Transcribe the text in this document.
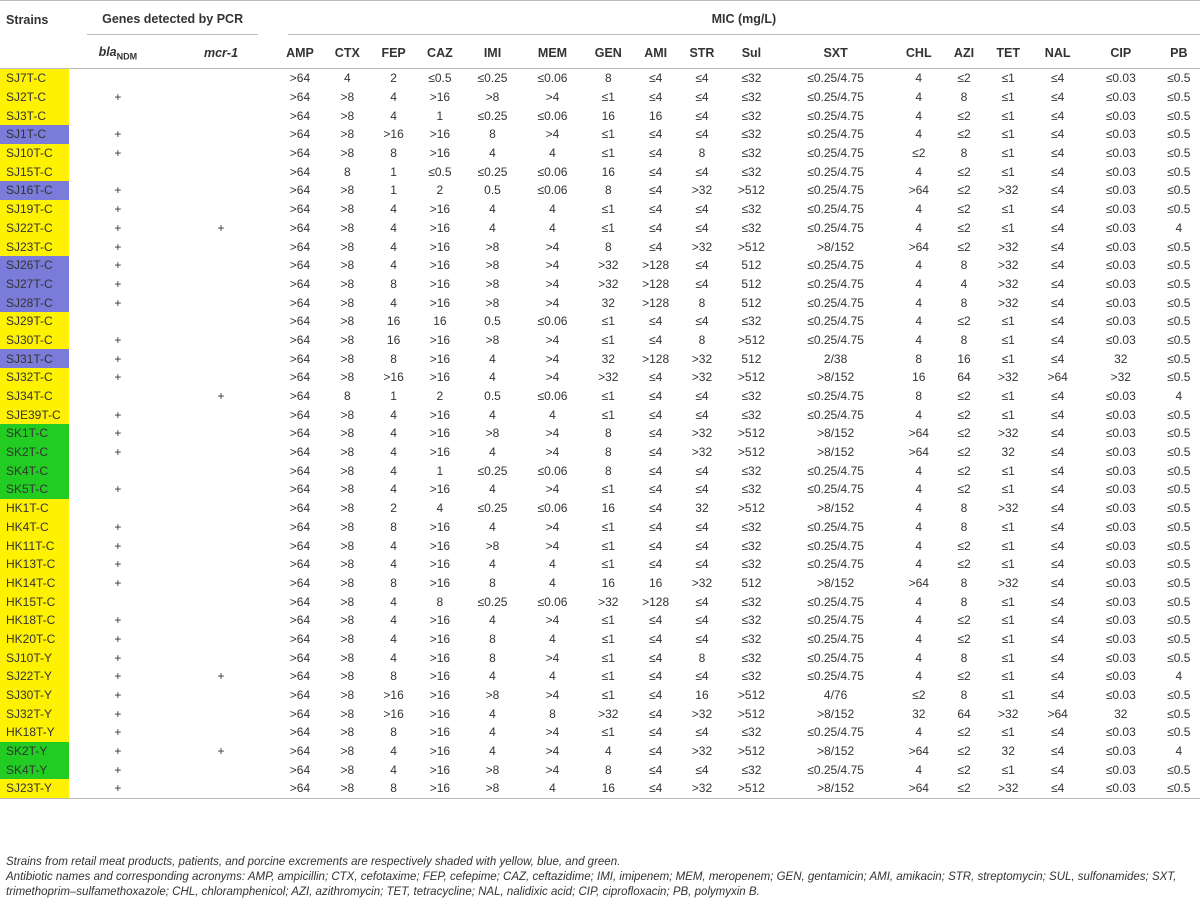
Strains	Genes detected by PCR		MIC (mg/L)																

	bla$_{NDM}$	mcr-1	AMP	CTX	FEP	CAZ	IMI	MEM	GEN	AMI	STR	Sul	SXT	CHL	AZI	TET	NAL	CIP	PB
SJ7T-C			>64	4	2	≤0.5	≤0.25	≤0.06	8	≤4	≤4	≤32	≤0.25/4.75	4	≤2	≤1	≤4	≤0.03	≤0.5
SJ2T-C	+		>64	>8	4	>16	>8	>4	≤1	≤4	≤4	≤32	≤0.25/4.75	4	8	≤1	≤4	≤0.03	≤0.5
SJ3T-C			>64	>8	4	1	≤0.25	≤0.06	16	16	≤4	≤32	≤0.25/4.75	4	≤2	≤1	≤4	≤0.03	≤0.5
SJ1T-C	+		>64	>8	>16	>16	8	>4	≤1	≤4	≤4	≤32	≤0.25/4.75	4	≤2	≤1	≤4	≤0.03	≤0.5
SJ10T-C	+		>64	>8	8	>16	4	4	≤1	≤4	8	≤32	≤0.25/4.75	≤2	8	≤1	≤4	≤0.03	≤0.5
SJ15T-C			>64	8	1	≤0.5	≤0.25	≤0.06	16	≤4	≤4	≤32	≤0.25/4.75	4	≤2	≤1	≤4	≤0.03	≤0.5
SJ16T-C	+		>64	>8	1	2	0.5	≤0.06	8	≤4	>32	>512	≤0.25/4.75	>64	≤2	>32	≤4	≤0.03	≤0.5
SJ19T-C	+		>64	>8	4	>16	4	4	≤1	≤4	≤4	≤32	≤0.25/4.75	4	≤2	≤1	≤4	≤0.03	≤0.5
SJ22T-C	+	+	>64	>8	4	>16	4	4	≤1	≤4	≤4	≤32	≤0.25/4.75	4	≤2	≤1	≤4	≤0.03	4
SJ23T-C	+		>64	>8	4	>16	>8	>4	8	≤4	>32	>512	>8/152	>64	≤2	>32	≤4	≤0.03	≤0.5
SJ26T-C	+		>64	>8	4	>16	>8	>4	>32	>128	≤4	512	≤0.25/4.75	4	8	>32	≤4	≤0.03	≤0.5
SJ27T-C	+		>64	>8	8	>16	>8	>4	>32	>128	≤4	512	≤0.25/4.75	4	4	>32	≤4	≤0.03	≤0.5
SJ28T-C	+		>64	>8	4	>16	>8	>4	32	>128	8	512	≤0.25/4.75	4	8	>32	≤4	≤0.03	≤0.5
SJ29T-C			>64	>8	16	16	0.5	≤0.06	≤1	≤4	≤4	≤32	≤0.25/4.75	4	≤2	≤1	≤4	≤0.03	≤0.5
SJ30T-C	+		>64	>8	16	>16	>8	>4	≤1	≤4	8	>512	≤0.25/4.75	4	8	≤1	≤4	≤0.03	≤0.5
SJ31T-C	+		>64	>8	8	>16	4	>4	32	>128	>32	512	2/38	8	16	≤1	≤4	32	≤0.5
SJ32T-C	+		>64	>8	>16	>16	4	>4	>32	≤4	>32	>512	>8/152	16	64	>32	>64	>32	≤0.5
SJ34T-C		+	>64	8	1	2	0.5	≤0.06	≤1	≤4	≤4	≤32	≤0.25/4.75	8	≤2	≤1	≤4	≤0.03	4
SJE39T-C	+		>64	>8	4	>16	4	4	≤1	≤4	≤4	≤32	≤0.25/4.75	4	≤2	≤1	≤4	≤0.03	≤0.5
SK1T-C	+		>64	>8	4	>16	>8	>4	8	≤4	>32	>512	>8/152	>64	≤2	>32	≤4	≤0.03	≤0.5
SK2T-C	+		>64	>8	4	>16	4	>4	8	≤4	>32	>512	>8/152	>64	≤2	32	≤4	≤0.03	≤0.5
SK4T-C			>64	>8	4	1	≤0.25	≤0.06	8	≤4	≤4	≤32	≤0.25/4.75	4	≤2	≤1	≤4	≤0.03	≤0.5
SK5T-C	+		>64	>8	4	>16	4	>4	≤1	≤4	≤4	≤32	≤0.25/4.75	4	≤2	≤1	≤4	≤0.03	≤0.5
HK1T-C			>64	>8	2	4	≤0.25	≤0.06	16	≤4	32	>512	>8/152	4	8	>32	≤4	≤0.03	≤0.5
HK4T-C	+		>64	>8	8	>16	4	>4	≤1	≤4	≤4	≤32	≤0.25/4.75	4	8	≤1	≤4	≤0.03	≤0.5
HK11T-C	+		>64	>8	4	>16	>8	>4	≤1	≤4	≤4	≤32	≤0.25/4.75	4	≤2	≤1	≤4	≤0.03	≤0.5
HK13T-C	+		>64	>8	4	>16	4	4	≤1	≤4	≤4	≤32	≤0.25/4.75	4	≤2	≤1	≤4	≤0.03	≤0.5
HK14T-C	+		>64	>8	8	>16	8	4	16	16	>32	512	>8/152	>64	8	>32	≤4	≤0.03	≤0.5
HK15T-C			>64	>8	4	8	≤0.25	≤0.06	>32	>128	≤4	≤32	≤0.25/4.75	4	8	≤1	≤4	≤0.03	≤0.5
HK18T-C	+		>64	>8	4	>16	4	>4	≤1	≤4	≤4	≤32	≤0.25/4.75	4	≤2	≤1	≤4	≤0.03	≤0.5
HK20T-C	+		>64	>8	4	>16	8	4	≤1	≤4	≤4	≤32	≤0.25/4.75	4	≤2	≤1	≤4	≤0.03	≤0.5
SJ10T-Y	+		>64	>8	4	>16	8	>4	≤1	≤4	8	≤32	≤0.25/4.75	4	8	≤1	≤4	≤0.03	≤0.5
SJ22T-Y	+	+	>64	>8	8	>16	4	4	≤1	≤4	≤4	≤32	≤0.25/4.75	4	≤2	≤1	≤4	≤0.03	4
SJ30T-Y	+		>64	>8	>16	>16	>8	>4	≤1	≤4	16	>512	4/76	≤2	8	≤1	≤4	≤0.03	≤0.5
SJ32T-Y	+		>64	>8	>16	>16	4	8	>32	≤4	>32	>512	>8/152	32	64	>32	>64	32	≤0.5
HK18T-Y	+		>64	>8	8	>16	4	>4	≤1	≤4	≤4	≤32	≤0.25/4.75	4	≤2	≤1	≤4	≤0.03	≤0.5
SK2T-Y	+	+	>64	>8	4	>16	4	>4	4	≤4	>32	>512	>8/152	>64	≤2	32	≤4	≤0.03	4
SK4T-Y	+		>64	>8	4	>16	>8	>4	8	≤4	≤4	≤32	≤0.25/4.75	4	≤2	≤1	≤4	≤0.03	≤0.5
SJ23T-Y	+		>64	>8	8	>16	>8	4	16	≤4	>32	>512	>8/152	>64	≤2	>32	≤4	≤0.03	≤0.5
Strains from retail meat products, patients, and porcine excrements are respectively shaded with yellow, blue, and green.
Antibiotic names and corresponding acronyms: AMP, ampicillin; CTX, cefotaxime; FEP, cefepime; CAZ, ceftazidime; IMI, imipenem; MEM, meropenem; GEN, gentamicin; AMI, amikacin; STR, streptomycin; SUL, sulfonamides; SXT, trimethoprim–sulfamethoxazole; CHL, chloramphenicol; AZI, azithromycin; TET, tetracycline; NAL, nalidixic acid; CIP, ciprofloxacin; PB, polymyxin B.
